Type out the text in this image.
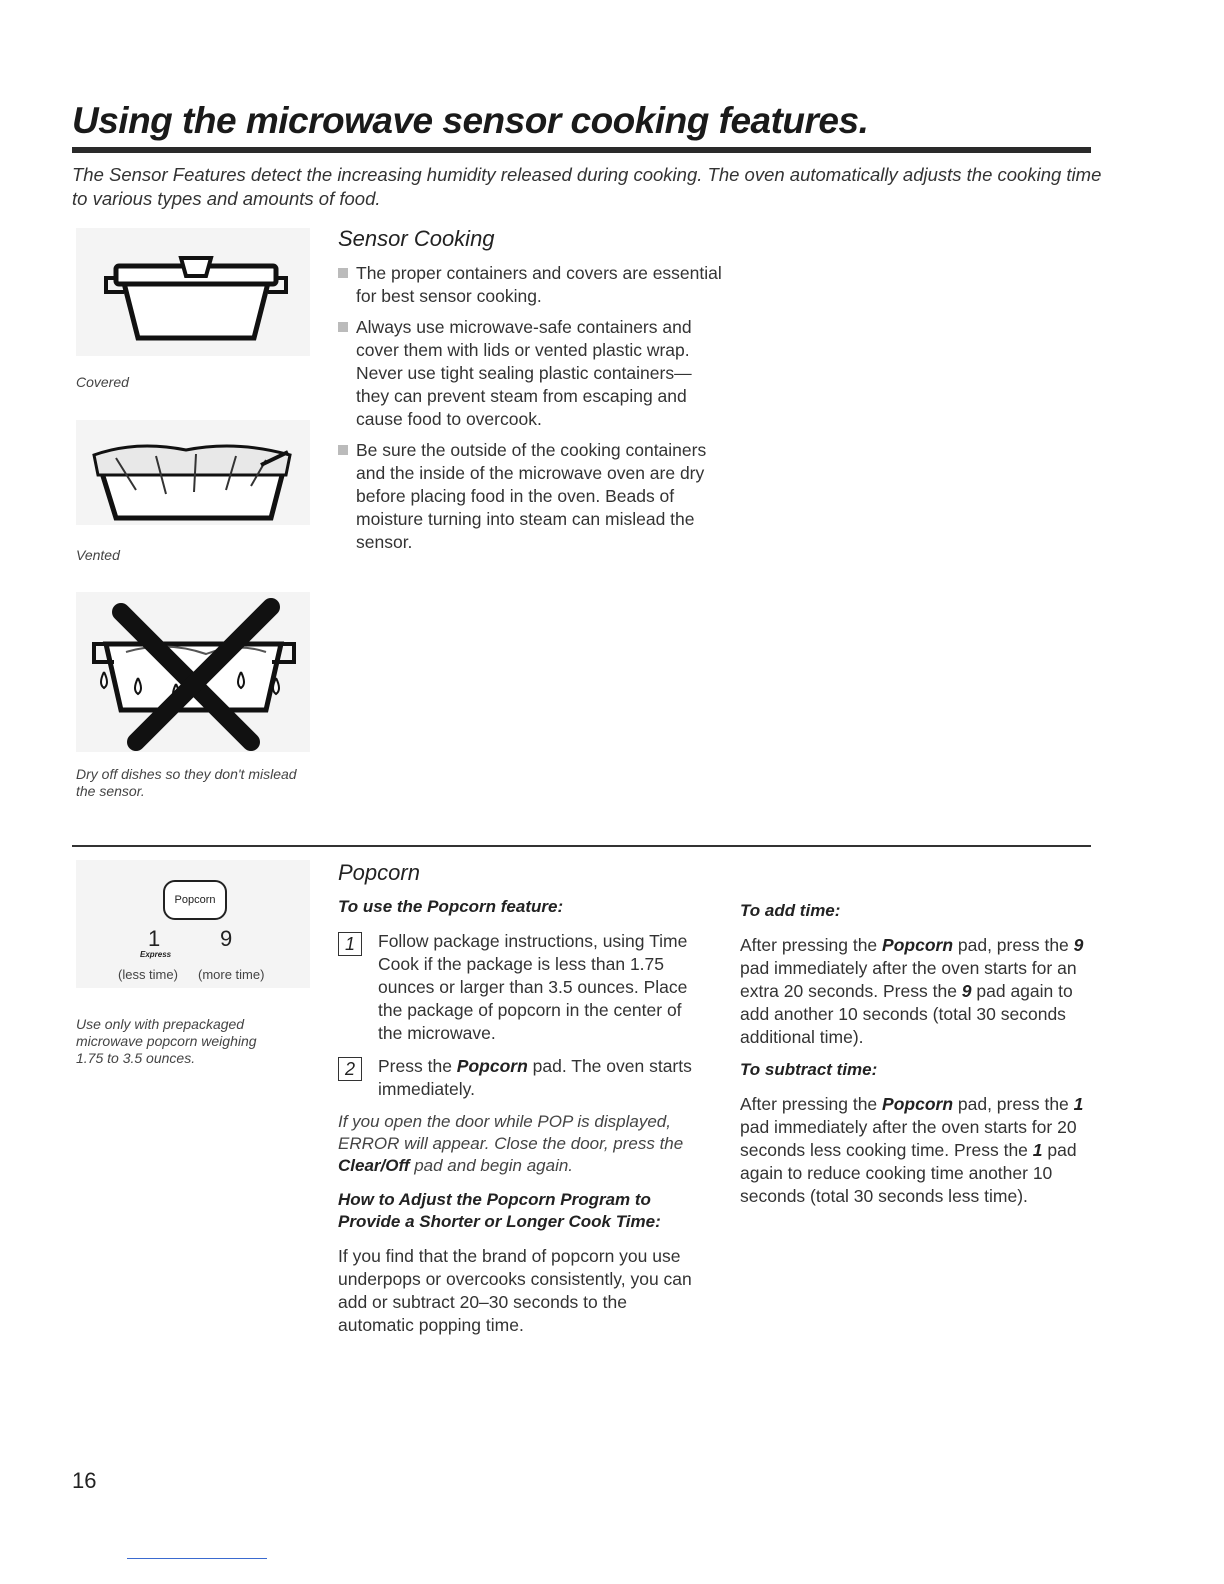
Using the microwave sensor cooking features.
The Sensor Features detect the increasing humidity released during cooking. The oven automatically adjusts the cooking time to various types and amounts of food.
Covered
Vented
Dry off dishes so they don't mislead the sensor.
Sensor Cooking
The proper containers and covers are essential for best sensor cooking.
Always use microwave-safe containers and cover them with lids or vented plastic wrap. Never use tight sealing plastic containers— they can prevent steam from escaping and cause food to overcook.
Be sure the outside of the cooking containers and the inside of the microwave oven are dry before placing food in the oven. Beads of moisture turning into steam can mislead the sensor.
Popcorn
1
Express
9
(less time) (more time)
Use only with prepackaged microwave popcorn weighing 1.75 to 3.5 ounces.
Popcorn
To use the Popcorn feature:
1	Follow package instructions, using Time Cook if the package is less than 1.75 ounces or larger than 3.5 ounces. Place the package of popcorn in the center of the microwave.
2	Press the Popcorn pad. The oven starts immediately.
If you open the door while POP is displayed, ERROR will appear. Close the door, press the Clear/Off pad and begin again.
How to Adjust the Popcorn Program to Provide a Shorter or Longer Cook Time:
If you find that the brand of popcorn you use underpops or overcooks consistently, you can add or subtract 20–30 seconds to the automatic popping time.
To add time:
After pressing the Popcorn pad, press the 9 pad immediately after the oven starts for an extra 20 seconds. Press the 9 pad again to add another 10 seconds (total 30 seconds additional time).
To subtract time:
After pressing the Popcorn pad, press the 1 pad immediately after the oven starts for 20 seconds less cooking time. Press the 1 pad again to reduce cooking time another 10 seconds (total 30 seconds less time).
16
